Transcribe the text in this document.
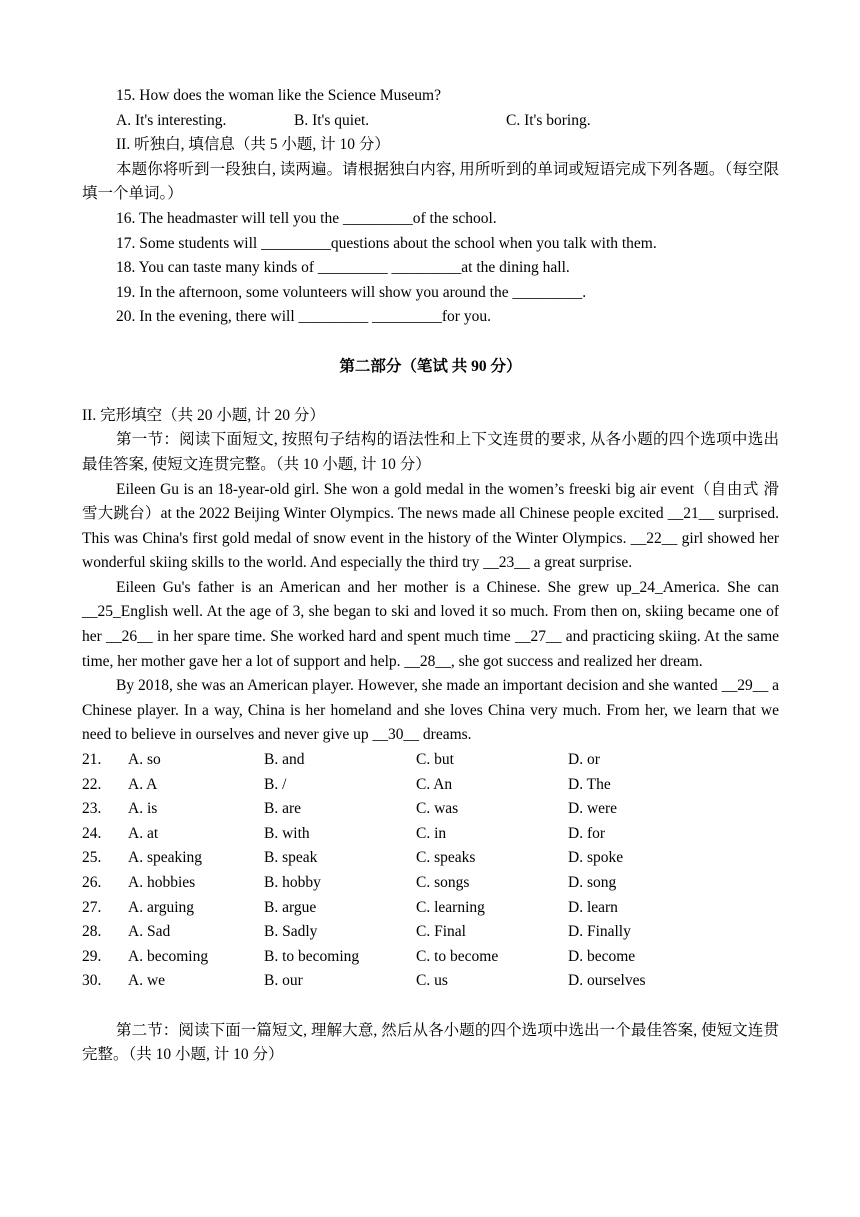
15. How does the woman like the Science Museum?

A. It's interesting.	B. It's quiet.	C. It's boring.

II. 听独白, 填信息（共 5 小题, 计 10 分）

本题你将听到一段独白, 读两遍。请根据独白内容, 用所听到的单词或短语完成下列各题。（每空限填一个单词。）

16. The headmaster will tell you the _________of the school.

17. Some students will _________questions about the school when you talk with them.

18. You can taste many kinds of _________ _________at the dining hall.

19. In the afternoon, some volunteers will show you around the _________.

20. In the evening, there will _________ _________for you.

第二部分（笔试 共 90 分）

II. 完形填空（共 20 小题, 计 20 分）

第一节：阅读下面短文, 按照句子结构的语法性和上下文连贯的要求, 从各小题的四个选项中选出最佳答案, 使短文连贯完整。（共 10 小题, 计 10 分）

Eileen Gu is an 18-year-old girl. She won a gold medal in the women’s freeski big air event（自由式 滑雪大跳台）at the 2022 Beijing Winter Olympics. The news made all Chinese people excited __21__ surprised. This was China's first gold medal of snow event in the history of the Winter Olympics. __22__ girl showed her wonderful skiing skills to the world. And especially the third try __23__ a great surprise.

Eileen Gu's father is an American and her mother is a Chinese. She grew up_24_America. She can __25_English well. At the age of 3, she began to ski and loved it so much. From then on, skiing became one of her __26__ in her spare time. She worked hard and spent much time __27__ and practicing skiing. At the same time, her mother gave her a lot of support and help. __28__, she got success and realized her dream.

By 2018, she was an American player. However, she made an important decision and she wanted __29__ a Chinese player. In a way, China is her homeland and she loves China very much. From her, we learn that we need to believe in ourselves and never give up __30__ dreams.

21.	A. so	B. and	C. but	D. or
22.	A. A	B. /	C. An	D. The
23.	A. is	B. are	C. was	D. were
24.	A. at	B. with	C. in	D. for
25.	A. speaking	B. speak	C. speaks	D. spoke
26.	A. hobbies	B. hobby	C. songs	D. song
27.	A. arguing	B. argue	C. learning	D. learn
28.	A. Sad	B. Sadly	C. Final	D. Finally
29.	A. becoming	B. to becoming	C. to become	D. become
30.	A. we	B. our	C. us	D. ourselves

第二节：阅读下面一篇短文, 理解大意, 然后从各小题的四个选项中选出一个最佳答案, 使短文连贯完整。（共 10 小题, 计 10 分）
